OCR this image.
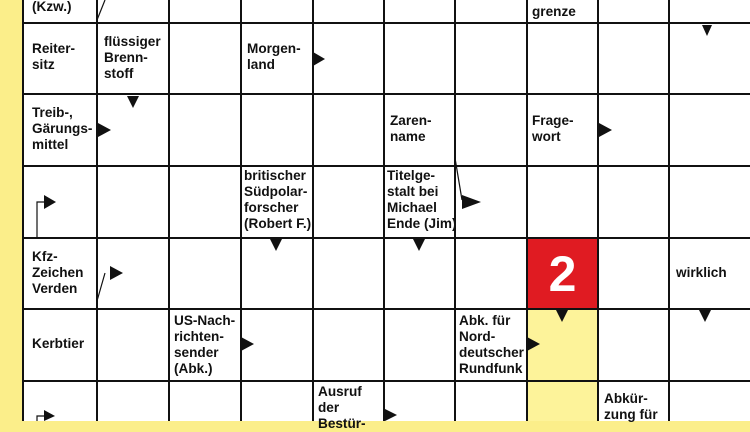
2
(Kzw.)	grenze
Reiter-
sitz
flüssiger
Brenn-
stoff
Morgen-
land
Treib-,
Gärungs-
mittel
Zaren-
name
Frage-
wort
britischer
Südpolar-
forscher
(Robert F.)
Titelge-
stalt bei
Michael
Ende (Jim)
Kfz-
Zeichen
Verden
wirklich
Kerbtier
US-Nach-
richten-
sender
(Abk.)
Abk. für
Nord-
deutscher
Rundfunk
Ausruf
der
Bestür-
Abkür-
zung für
